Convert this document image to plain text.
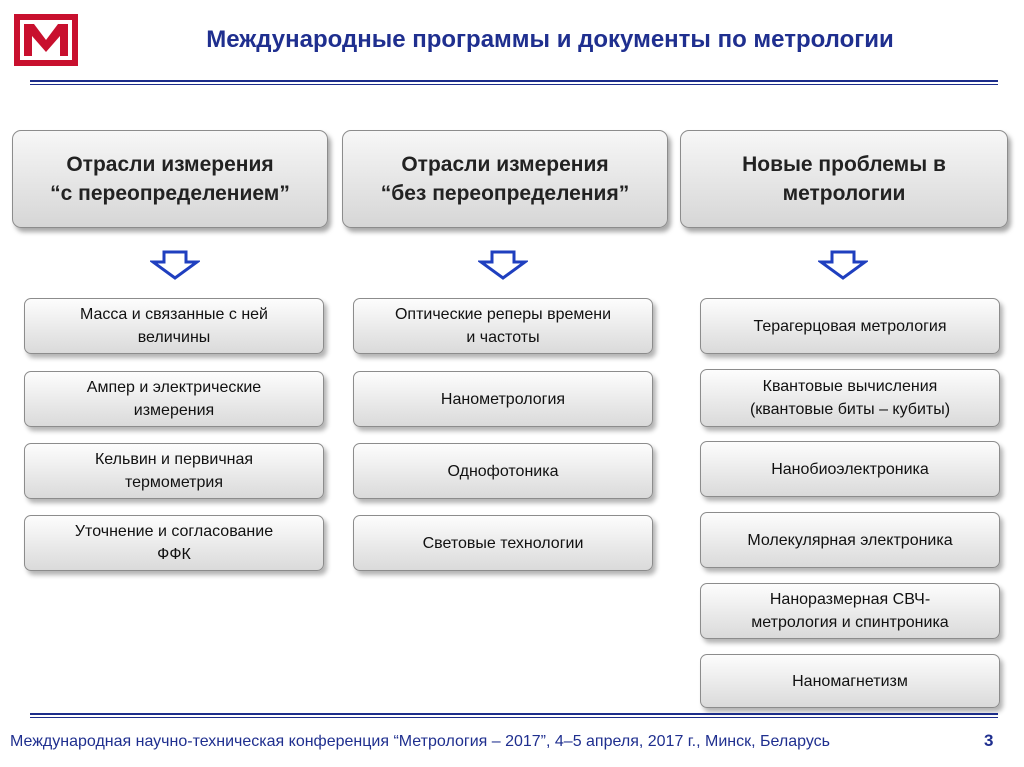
Международные программы и документы по метрологии
Отрасли измерения
“с переопределением”
Отрасли измерения
“без переопределения”
Новые проблемы в
метрологии
Масса и связанные с ней
величины
Ампер и электрические
измерения
Кельвин и первичная
термометрия
Уточнение и согласование
ФФК
Оптические реперы времени
и частоты
Нанометрология
Однофотоника
Световые технологии
Терагерцовая метрология
Квантовые вычисления
(квантовые биты – кубиты)
Нанобиоэлектроника
Молекулярная электроника
Наноразмерная СВЧ-
метрология и спинтроника
Наномагнетизм
Международная научно-техническая конференция “Метрология – 2017”, 4–5 апреля, 2017 г., Минск, Беларусь	3
